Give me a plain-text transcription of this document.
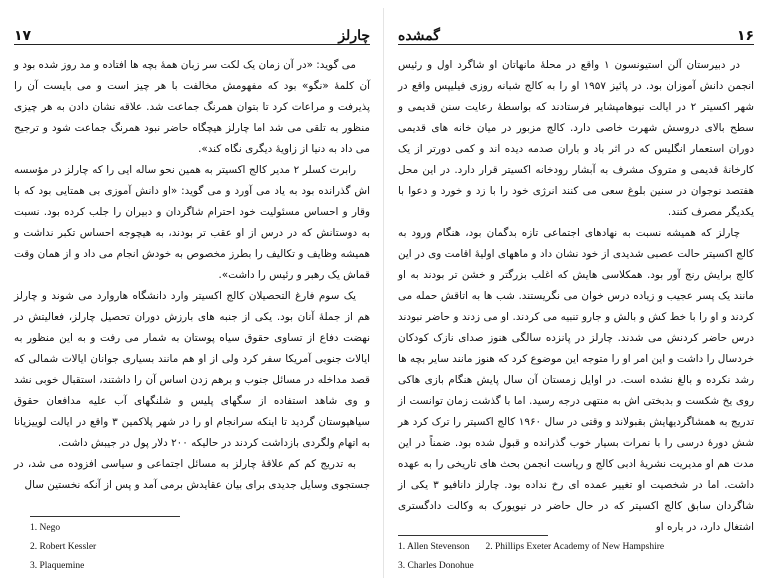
۱۷	چارلز

می گوید: «در آن زمان یک لکت سر زبان همهٔ بچه ها افتاده و مد روز شده بود و آن کلمهٔ «نگو» بود که مفهومش مخالفت با هر چیز است و می بایست آن را پذیرفت و مراعات کرد تا بتوان همرنگ جماعت شد. علاقه نشان دادن به هر چیزی منظور به تلقی می شد اما چارلز هیچگاه حاضر نبود همرنگ جماعت شود و ترجیح می داد به دنیا از زاویهٔ دیگری نگاه کند».

رابرت کسلر ۲ مدیر کالج اکسیتر به همین نحو ساله ایی را که چارلز در مؤسسه اش گذرانده بود به یاد می آورد و می گوید: «او دانش آموزی بی همتایی بود که با وقار و احساس مسئولیت خود احترام شاگردان و دبیران را جلب کرده بود. نسبت به دوستانش که در درس از او عقب تر بودند، به هیچوجه احساس تکبر نداشت و همیشه وظایف و تکالیف را بطرز مخصوص به خودش انجام می داد و از همان وقت قماش یک رهبر و رئیس را داشت».

یک سوم فارغ التحصیلان کالج اکسیتر وارد دانشگاه هاروارد می شوند و چارلز هم از جملهٔ آنان بود. یکی از جنبه های بارزش دوران تحصیل چارلز، فعالیتش در نهضت دفاع از تساوی حقوق سیاه پوستان به شمار می رفت و به این منظور به ایالات جنوبی آمریکا سفر کرد ولی از او هم مانند بسیاری جوانان ایالات شمالی که قصد مداخله در مسائل جنوب و برهم زدن اساس آن را داشتند، استقبال خوبی نشد و وی شاهد استفاده از سگهای پلیس و شلنگهای آب علیه مدافعان حقوق سیاهپوستان گردید تا اینکه سرانجام او را در شهر پلاکمین ۳ واقع در ایالت لوییزیانا به اتهام ولگردی بازداشت کردند در حالیکه ۲۰۰ دلار پول در جیبش داشت.

به تدریج کم کم علاقهٔ چارلز به مسائل اجتماعی و سیاسی افزوده می شد، در جستجوی وسایل جدیدی برای بیان عقایدش برمی آمد و پس از آنکه نخستین سال

1. Nego
2. Robert Kessler
3. Plaquemine
گمشده	۱۶

در دبیرستان آلن استیونسون ۱ واقع در محلهٔ مانهاتان او شاگرد اول و رئیس انجمن دانش آموزان بود. در پائیز ۱۹۵۷ او را به کالج شبانه روزی فیلیپس واقع در شهر اکسیتر ۲ در ایالت نیوهامپشایر فرستادند که بواسطهٔ رعایت سنن قدیمی و سطح بالای دروسش شهرت خاصی دارد. کالج مزبور در میان خانه های قدیمی دوران استعمار انگلیس که در اثر باد و باران صدمه دیده اند و کمی دورتر از یک کارخانهٔ قدیمی و متروک مشرف به آبشار رودخانه اکسیتر قرار دارد. در این محل هفتصد نوجوان در سنین بلوغ سعی می کنند انرژی خود را با زد و خورد و دعوا با یکدیگر مصرف کنند.

چارلز که همیشه نسبت به نهادهای اجتماعی تازه بدگمان بود، هنگام ورود به کالج اکسیتر حالت عصبی شدیدی از خود نشان داد و ماههای اولیهٔ اقامت وی در این کالج برایش رنج آور بود. همکلاسی هایش که اغلب بزرگتر و خشن تر بودند به او مانند یک پسر عجیب و زیاده درس خوان می نگریستند. شب ها به اتاقش حمله می کردند و او را با خط کش و بالش و جارو تنبیه می کردند. او می زدند و حاضر نبودند درس حاضر کردنش می شدند. چارلز در پانزده سالگی هنوز صدای نازک کودکان خردسال را داشت و این امر او را متوجه این موضوع کرد که هنوز مانند سایر بچه ها رشد نکرده و بالغ نشده است. در اوایل زمستان آن سال پایش هنگام بازی هاکی روی یخ شکست و بدبختی اش به منتهی درجه رسید. اما با گذشت زمان توانست از تدریج به همشاگردیهایش بقبولاند و وقتی در سال ۱۹۶۰ کالج اکسیتر را ترک کرد هر شش دورهٔ درسی را با نمرات بسیار خوب گذرانده و قبول شده بود. ضمناً در این مدت هم او مدیریت نشریهٔ ادبی کالج و ریاست انجمن بحث های تاریخی را به عهده داشت. اما در شخصیت او تغییر عمده ای رخ نداده بود. چارلز دانافیو ۳ یکی از شاگردان سابق کالج اکسیتر که در حال حاضر در نیویورک به وکالت دادگستری اشتغال دارد، در باره او

1. Allen Stevenson 2. Phillips Exeter Academy of New Hampshire
3. Charles Donohue
